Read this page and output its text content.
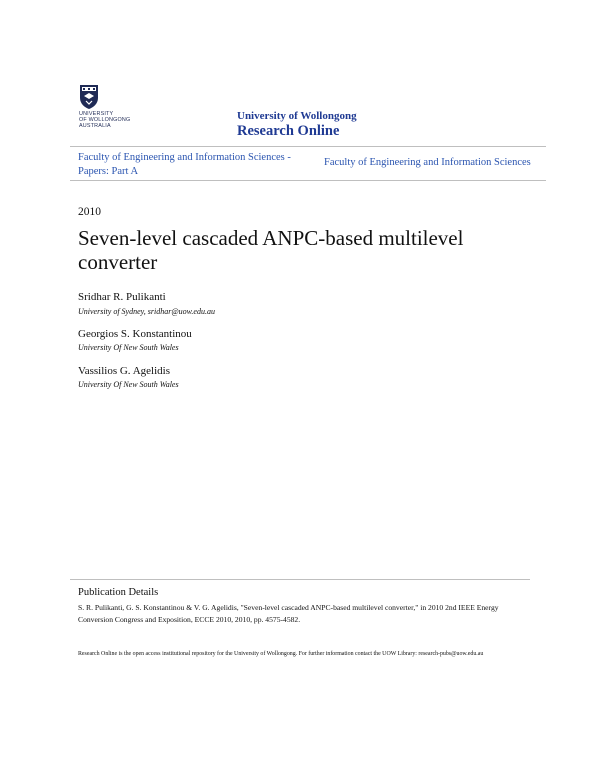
UNIVERSITY
OF WOLLONGONG
AUSTRALIA
University of Wollongong
Research Online
Faculty of Engineering and Information Sciences - Papers: Part A
Faculty of Engineering and Information Sciences
2010
Seven-level cascaded ANPC-based multilevel converter
Sridhar R. Pulikanti
University of Sydney, sridhar@uow.edu.au
Georgios S. Konstantinou
University Of New South Wales
Vassilios G. Agelidis
University Of New South Wales
Publication Details
S. R. Pulikanti, G. S. Konstantinou & V. G. Agelidis, "Seven-level cascaded ANPC-based multilevel converter," in 2010 2nd IEEE Energy Conversion Congress and Exposition, ECCE 2010, 2010, pp. 4575-4582.
Research Online is the open access institutional repository for the University of Wollongong. For further information contact the UOW Library: research-pubs@uow.edu.au
